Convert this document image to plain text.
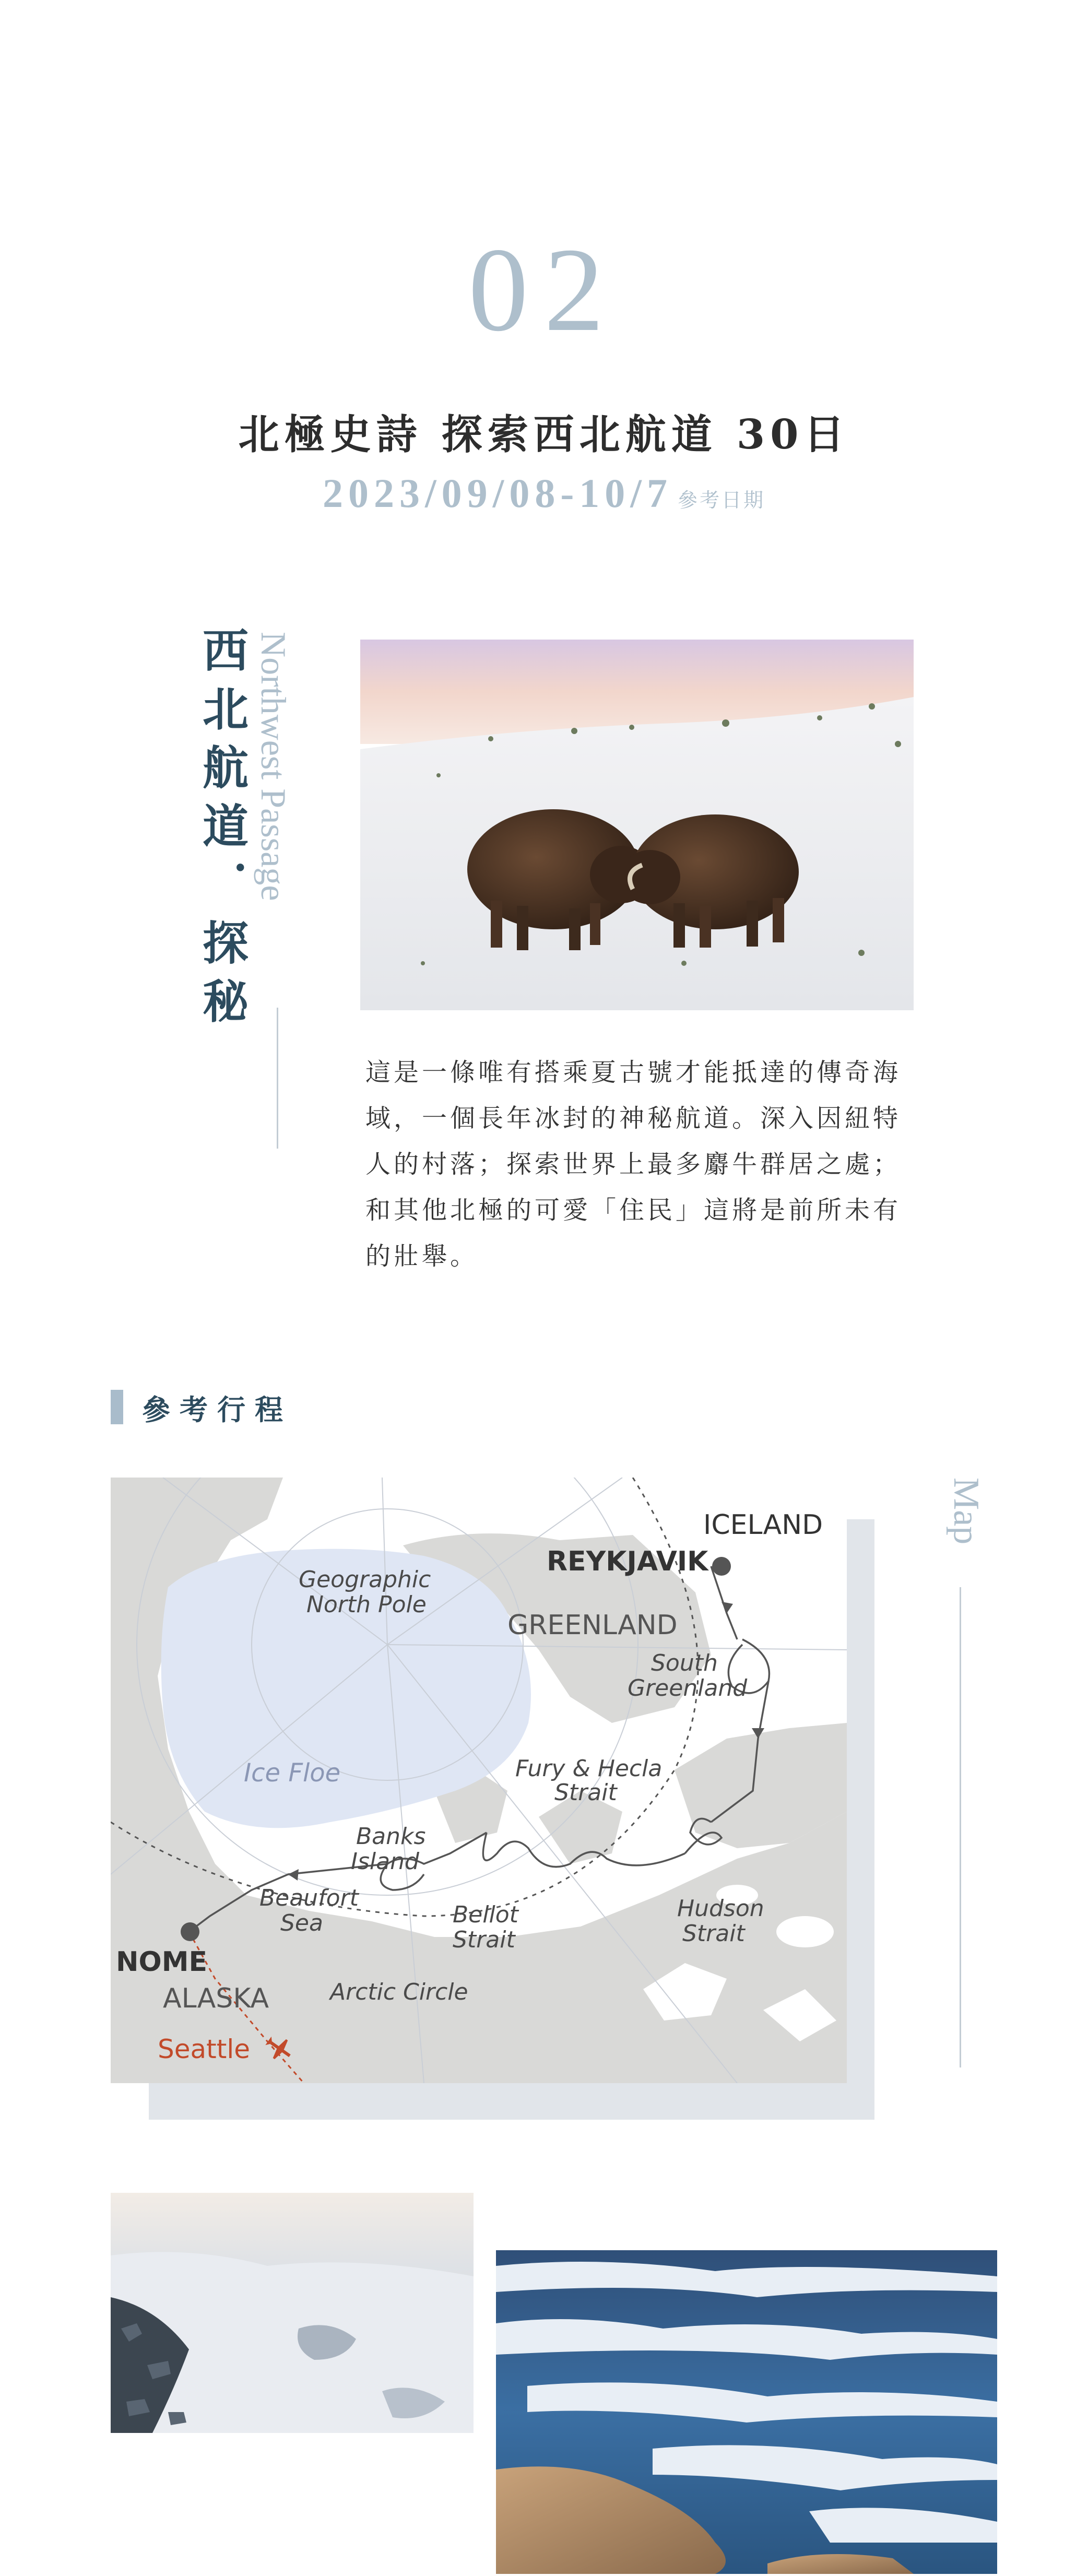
02
北極史詩 探索西北航道 30日
2023/09/08-10/7 參考日期
西北航道．探秘 Northwest Passage
這是一條唯有搭乘夏古號才能抵達的傳奇海域，一個長年冰封的神秘航道。深入因紐特人的村落；探索世界上最多麝牛群居之處；和其他北極的可愛「住民」這將是前所未有的壯舉。
參考行程
Geographic
North Pole
South
Greenland
Fury & Hecla
Strait
Banks
Island
Beaufort
Sea	Bellot
Strait
Hudson
Strait
Arctic Circle
Ice Floe
REYKJAVIK
ICELAND
GREENLAND
NOME
ALASKA
Seattle
Map
